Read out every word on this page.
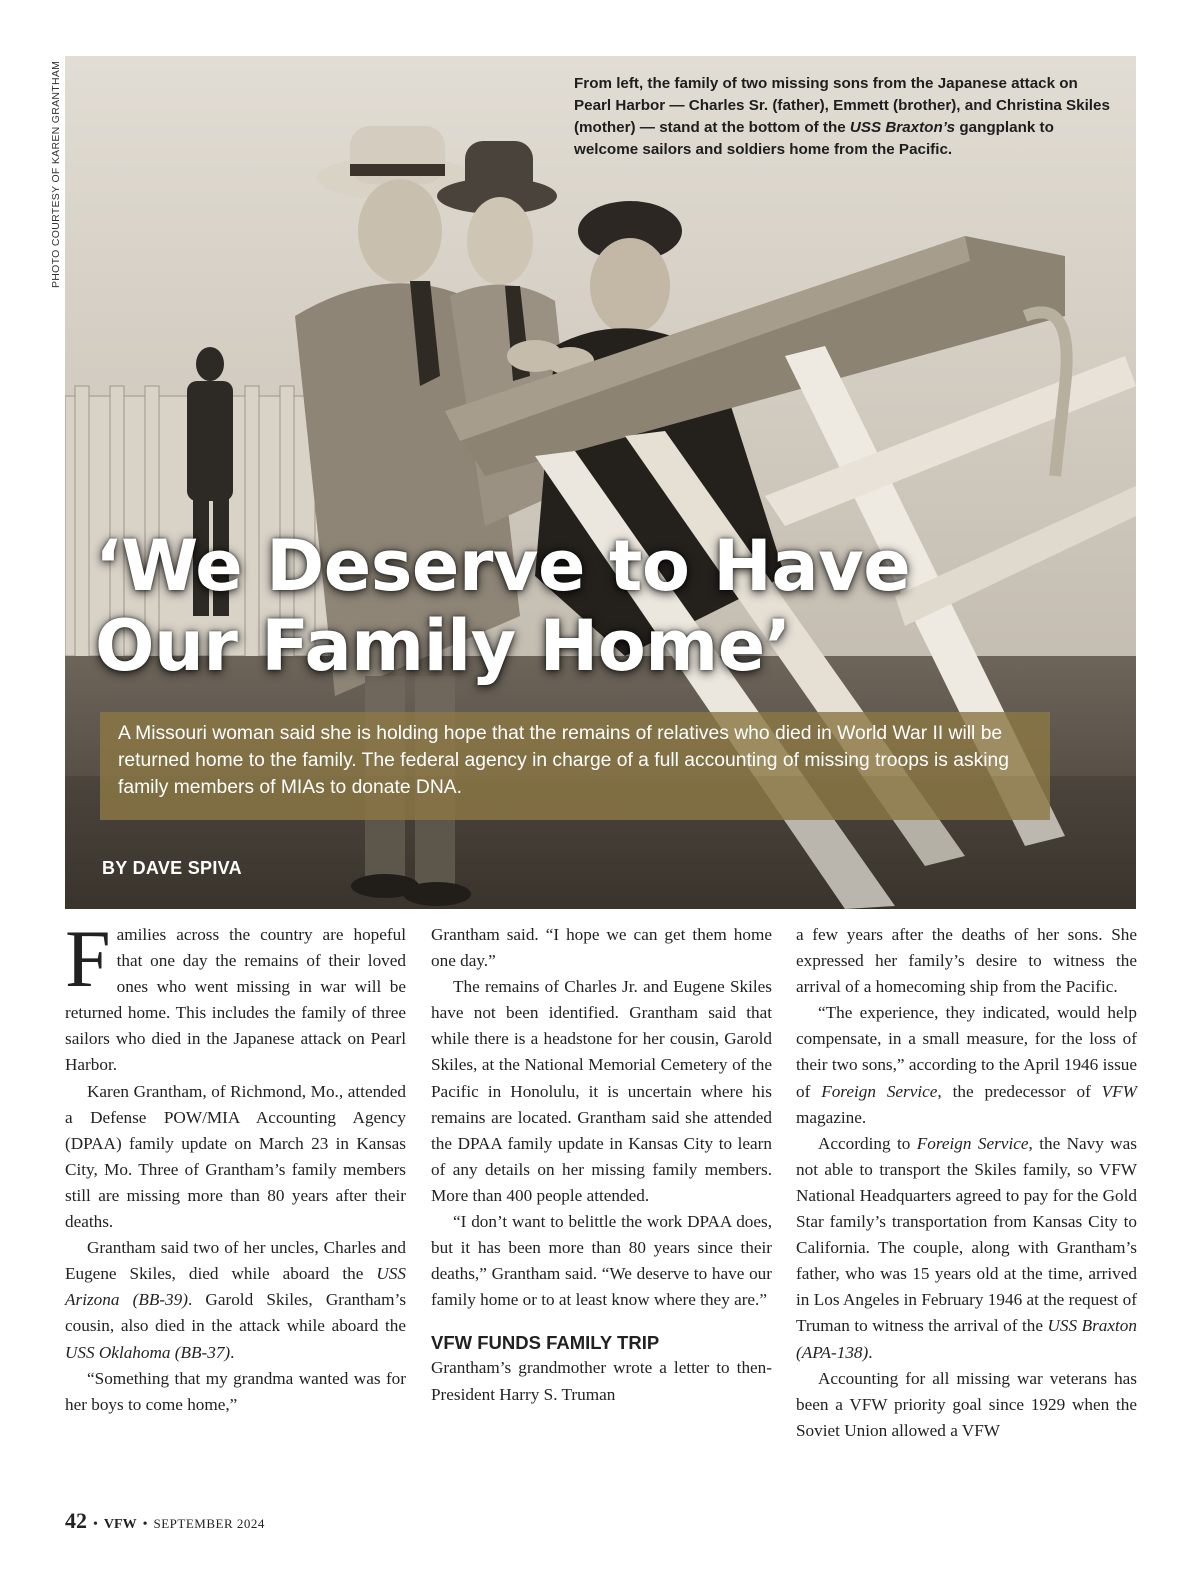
PHOTO COURTESY OF KAREN GRANTHAM	From left, the family of two missing sons from the Japanese attack on Pearl Harbor — Charles Sr. (father), Emmett (brother), and Christina Skiles (mother) — stand at the bottom of the USS Braxton’s gangplank to welcome sailors and soldiers home from the Pacific.
‘We Deserve to Have
Our Family Home’
A Missouri woman said she is holding hope that the remains of relatives who died in World War II will be returned home to the family. The federal agency in charge of a full accounting of missing troops is asking family members of MIAs to donate DNA.
BY DAVE SPIVA

Families across the country are hopeful that one day the remains of their loved ones who went missing in war will be returned home. This includes the family of three sailors who died in the Japanese attack on Pearl Harbor.

Karen Grantham, of Richmond, Mo., attended a Defense POW/MIA Accounting Agency (DPAA) family update on March 23 in Kansas City, Mo. Three of Grantham’s family members still are missing more than 80 years after their deaths.

Grantham said two of her uncles, Charles and Eugene Skiles, died while aboard the USS Arizona (BB-39). Garold Skiles, Grantham’s cousin, also died in the attack while aboard the USS Oklahoma (BB-37).

“Something that my grandma wanted was for her boys to come home,”

Grantham said. “I hope we can get them home one day.”

The remains of Charles Jr. and Eugene Skiles have not been identified. Grantham said that while there is a headstone for her cousin, Garold Skiles, at the National Memorial Cemetery of the Pacific in Honolulu, it is uncertain where his remains are located. Grantham said she attended the DPAA family update in Kansas City to learn of any details on her missing family members. More than 400 people attended.

“I don’t want to belittle the work DPAA does, but it has been more than 80 years since their deaths,” Grantham said. “We deserve to have our family home or to at least know where they are.”

VFW FUNDS FAMILY TRIP

Grantham’s grandmother wrote a letter to then-President Harry S. Truman

a few years after the deaths of her sons. She expressed her family’s desire to witness the arrival of a homecoming ship from the Pacific.

“The experience, they indicated, would help compensate, in a small measure, for the loss of their two sons,” according to the April 1946 issue of Foreign Service, the predecessor of VFW magazine.

According to Foreign Service, the Navy was not able to transport the Skiles family, so VFW National Headquarters agreed to pay for the Gold Star family’s transportation from Kansas City to California. The couple, along with Grantham’s father, who was 15 years old at the time, arrived in Los Angeles in February 1946 at the request of Truman to witness the arrival of the USS Braxton (APA-138).

Accounting for all missing war veterans has been a VFW priority goal since 1929 when the Soviet Union allowed a VFW

42 • VFW • SEPTEMBER 2024
